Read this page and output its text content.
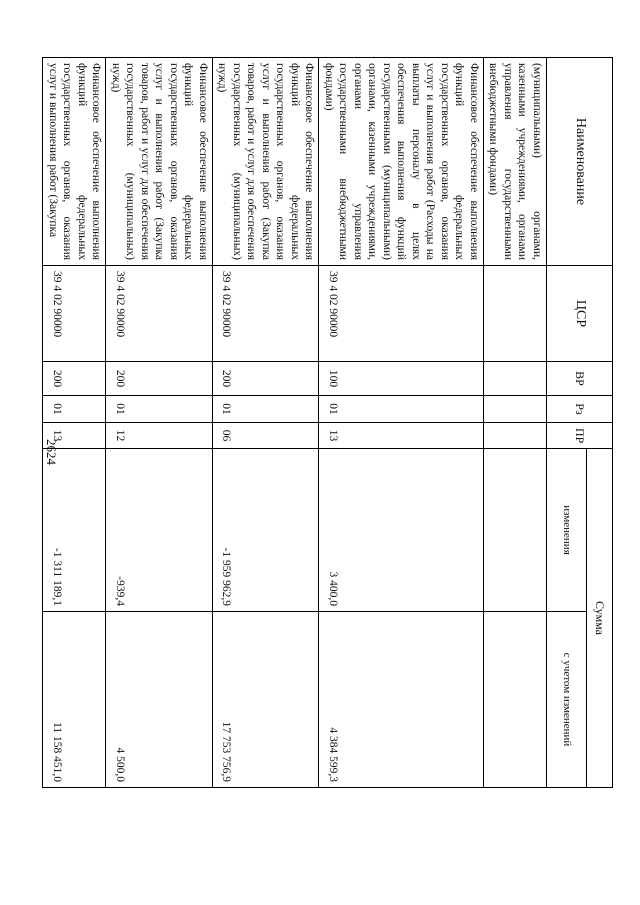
2624
Наименование	ЦСР	ВР	Рз	ПР	Сумма	
					изменения	с учетом изменений
(муниципальными) органами, казенными учреждениями, органами управления государственными внебюджетными фондами)						
Финансовое обеспечение выполнения функций федеральных государственных органов, оказания услуг и выполнения работ (Расходы на выплаты персоналу в целях обеспечения выполнения функций государственными (муниципальными) органами, казенными учреждениями, органами управления государственными внебюджетными фондами)	39 4 02 90000	100	01	13	3 400,0	4 384 599,3
Финансовое обеспечение выполнения функций федеральных государственных органов, оказания услуг и выполнения работ (Закупка товаров, работ и услуг для обеспечения государственных (муниципальных) нужд)	39 4 02 90000	200	01	06	-1 959 962,9	17 753 756,9
Финансовое обеспечение выполнения функций федеральных государственных органов, оказания услуг и выполнения работ (Закупка товаров, работ и услуг для обеспечения государственных (муниципальных) нужд)	39 4 02 90000	200	01	12	-939,4	4 500,0
Финансовое обеспечение выполнения функций федеральных государственных органов, оказания услуг и выполнения работ (Закупка	39 4 02 90000	200	01	13	-1 311 189,1	11 158 451,0
